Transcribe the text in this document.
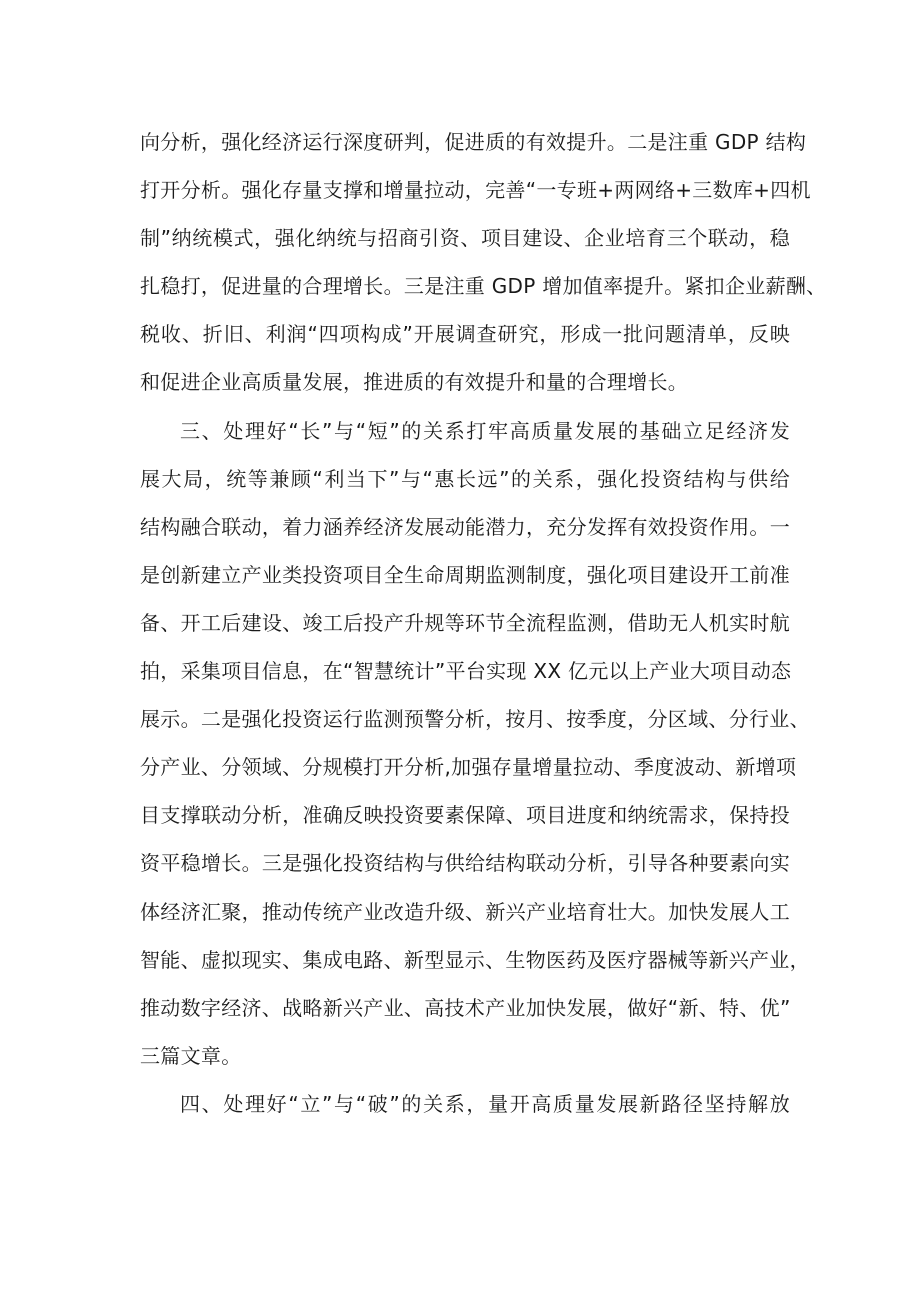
向分析，强化经济运行深度研判，促进质的有效提升。二是注重 GDP 结构
打开分析。强化存量支撑和增量拉动，完善“一专班+两网络+三数库+四机
制”纳统模式，强化纳统与招商引资、项目建设、企业培育三个联动，稳
扎稳打，促进量的合理增长。三是注重 GDP 增加值率提升。紧扣企业薪酬、
税收、折旧、利润“四项构成”开展调查研究，形成一批问题清单，反映
和促进企业高质量发展，推进质的有效提升和量的合理增长。
三、处理好“长”与“短”的关系打牢高质量发展的基础立足经济发
展大局，统等兼顾“利当下”与“惠长远”的关系，强化投资结构与供给
结构融合联动，着力涵养经济发展动能潜力，充分发挥有效投资作用。一
是创新建立产业类投资项目全生命周期监测制度，强化项目建设开工前准
备、开工后建设、竣工后投产升规等环节全流程监测，借助无人机实时航
拍，采集项目信息，在“智慧统计”平台实现 XX 亿元以上产业大项目动态
展示。二是强化投资运行监测预警分析，按月、按季度，分区域、分行业、
分产业、分领域、分规模打开分析,加强存量增量拉动、季度波动、新增项
目支撑联动分析，准确反映投资要素保障、项目进度和纳统需求，保持投
资平稳增长。三是强化投资结构与供给结构联动分析，引导各种要素向实
体经济汇聚，推动传统产业改造升级、新兴产业培育壮大。加快发展人工
智能、虚拟现实、集成电路、新型显示、生物医药及医疗器械等新兴产业，
推动数字经济、战略新兴产业、高技术产业加快发展，做好“新、特、优”
三篇文章。
四、处理好“立”与“破”的关系，量开高质量发展新路径坚持解放
